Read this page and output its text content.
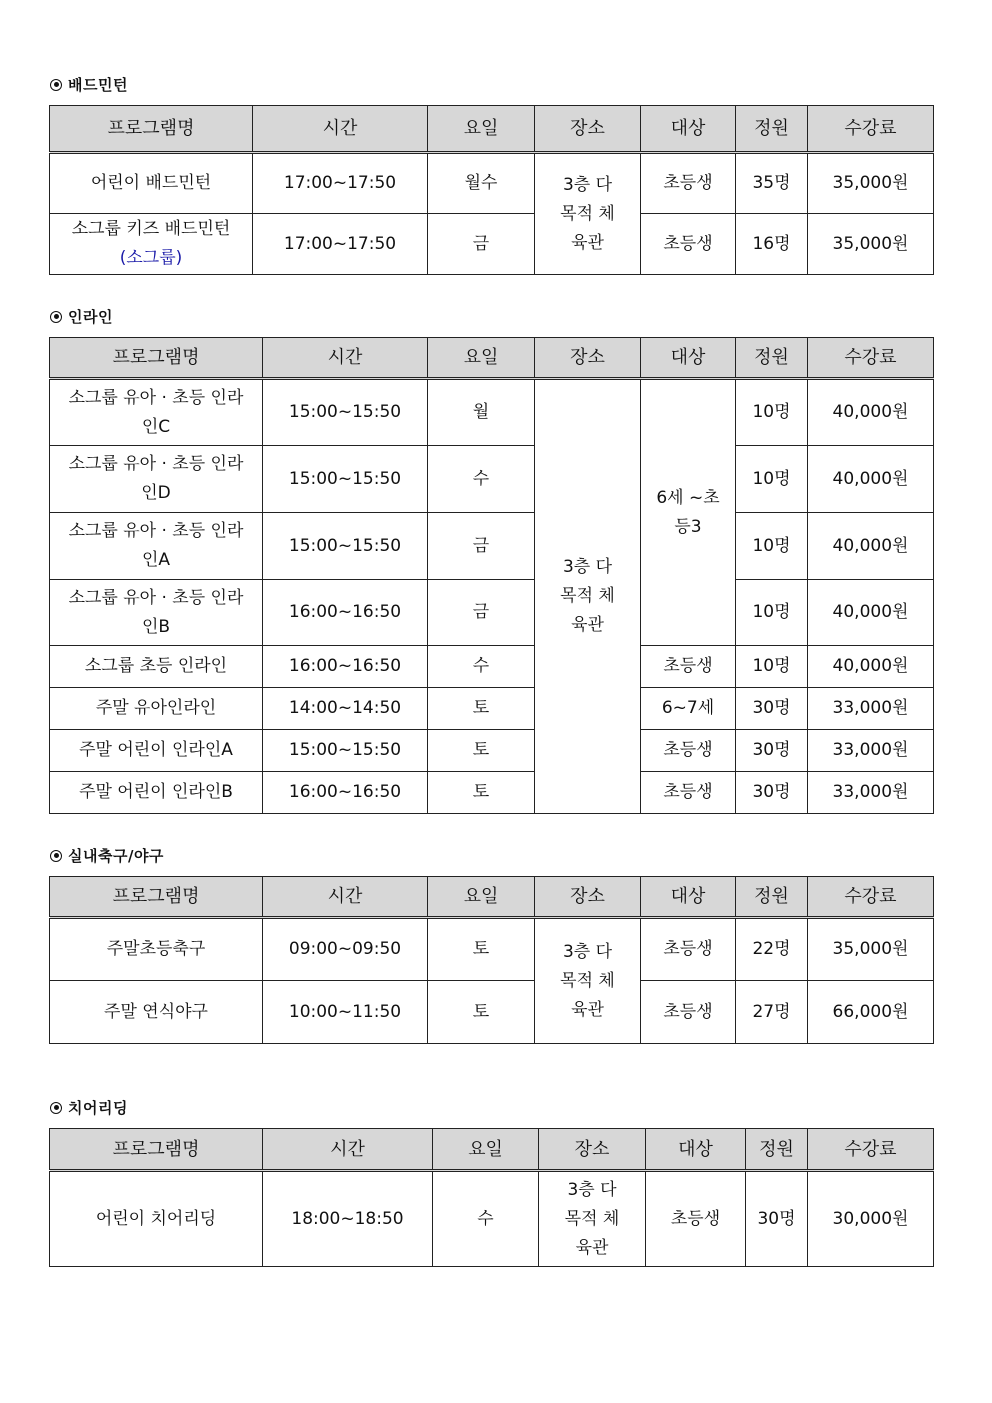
배드민턴
프로그램명	시간	요일	장소	대상	정원	수강료
어린이 배드민턴	17:00~17:50	월수	3층 다목적 체육관	초등생	35명	35,000원

소그룹 키즈 배드민턴
(소그룹)	17:00~17:50	금		초등생	16명	35,000원
인라인
프로그램명	시간	요일	장소	대상	정원	수강료
소그룹 유아 · 초등 인라인C	15:00~15:50	월	3층 다목적 체육관	6세 ~초등3	10명	40,000원
소그룹 유아 · 초등 인라인D	15:00~15:50	수			10명	40,000원
소그룹 유아 · 초등 인라인A	15:00~15:50	금			10명	40,000원
소그룹 유아 · 초등 인라인B	16:00~16:50	금			10명	40,000원
소그룹 초등 인라인	16:00~16:50	수		초등생	10명	40,000원
주말 유아인라인	14:00~14:50	토		6~7세	30명	33,000원
주말 어린이 인라인A	15:00~15:50	토		초등생	30명	33,000원
주말 어린이 인라인B	16:00~16:50	토		초등생	30명	33,000원
실내축구/야구
프로그램명	시간	요일	장소	대상	정원	수강료
주말초등축구	09:00~09:50	토	3층 다목적 체육관	초등생	22명	35,000원
주말 연식야구	10:00~11:50	토		초등생	27명	66,000원
치어리딩
프로그램명	시간	요일	장소	대상	정원	수강료
어린이 치어리딩	18:00~18:50	수	3층 다목적 체육관	초등생	30명	30,000원
